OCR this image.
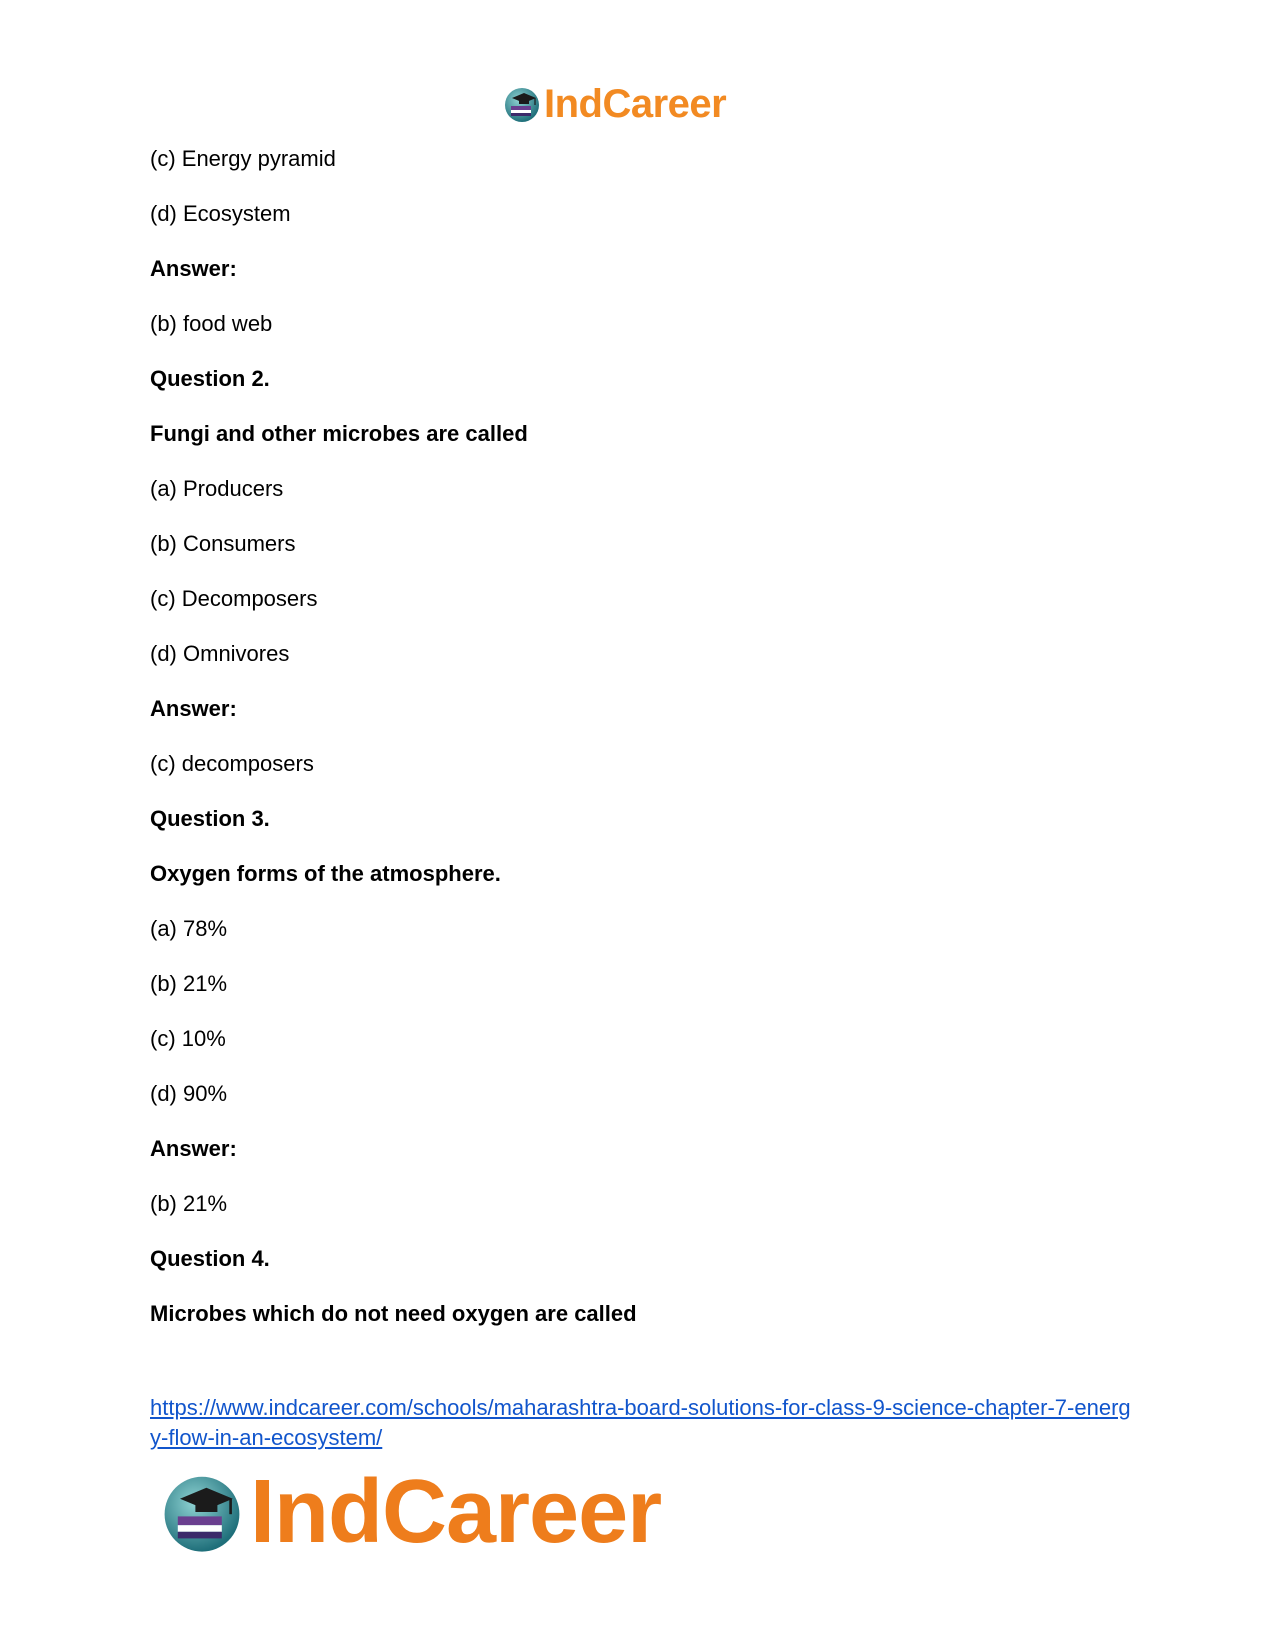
IndCareer
(c) Energy pyramid
(d) Ecosystem
Answer:
(b) food web
Question 2.
Fungi and other microbes are called
(a) Producers
(b) Consumers
(c) Decomposers
(d) Omnivores
Answer:
(c) decomposers
Question 3.
Oxygen forms of the atmosphere.
(a) 78%
(b) 21%
(c) 10%
(d) 90%
Answer:
(b) 21%
Question 4.
Microbes which do not need oxygen are called
https://www.indcareer.com/schools/maharashtra-board-solutions-for-class-9-science-chapter-7-energy-flow-in-an-ecosystem/
IndCareer
